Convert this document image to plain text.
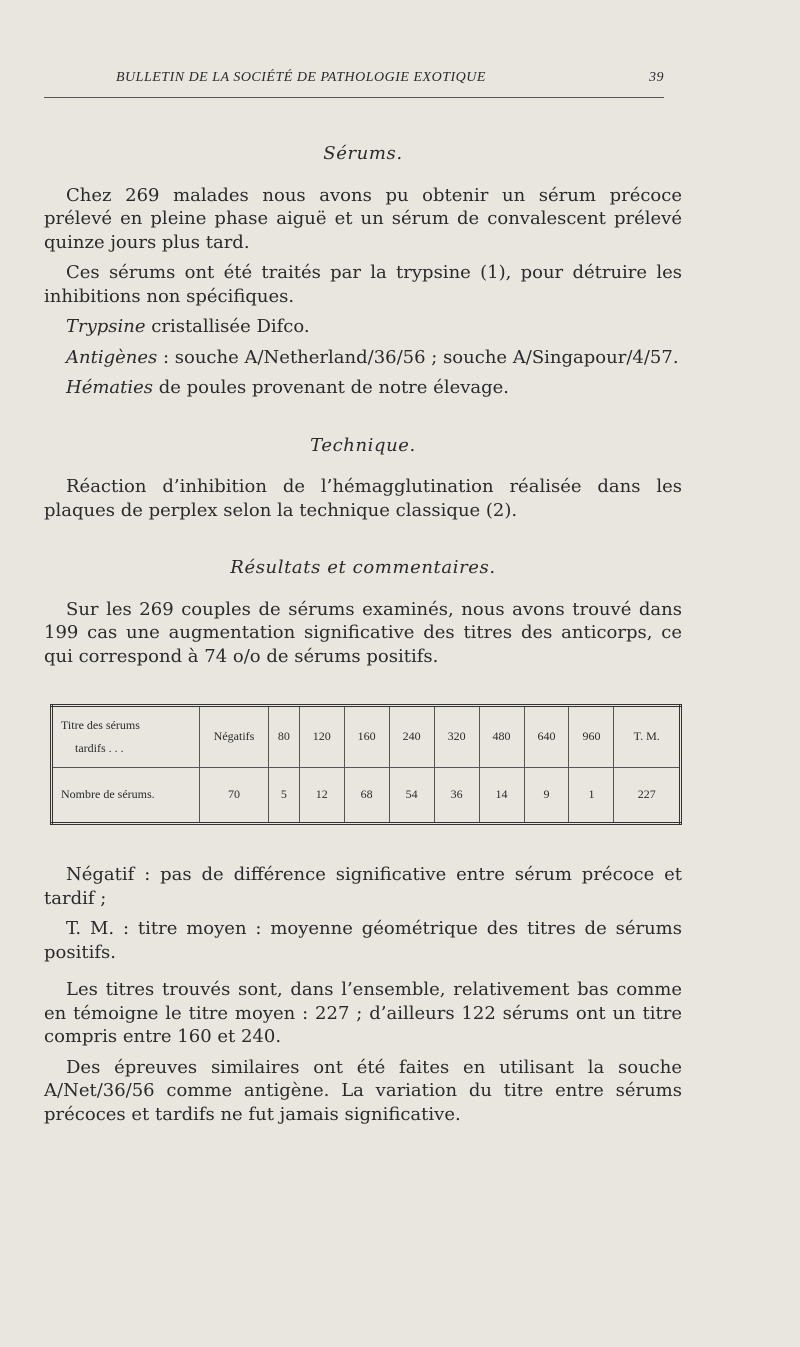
BULLETIN DE LA SOCIÉTÉ DE PATHOLOGIE EXOTIQUE	39
Sérums.

Chez 269 malades nous avons pu obtenir un sérum précoce prélevé en pleine phase aiguë et un sérum de convalescent prélevé quinze jours plus tard.

Ces sérums ont été traités par la trypsine (1), pour détruire les inhibitions non spécifiques.

Trypsine cristallisée Difco.

Antigènes : souche A/Netherland/36/56 ; souche A/Singapour/4/57.

Hématies de poules provenant de notre élevage.

Technique.

Réaction d’inhibition de l’hémagglutination réalisée dans les plaques de perplex selon la technique classique (2).

Résultats et commentaires.

Sur les 269 couples de sérums examinés, nous avons trouvé dans 199 cas une augmentation significative des titres des anticorps, ce qui correspond à 74 o/o de sérums positifs.

Titre des sérums
tardifs . . .	Négatifs	80	120	160	240	320	480	640	960	T. M.
Nombre de sérums.	70	5	12	68	54	36	14	9	1	227

Négatif : pas de différence significative entre sérum précoce et tardif ;

T. M. : titre moyen : moyenne géométrique des titres de sérums positifs.

Les titres trouvés sont, dans l’ensemble, relativement bas comme en témoigne le titre moyen : 227 ; d’ailleurs 122 sérums ont un titre compris entre 160 et 240.

Des épreuves similaires ont été faites en utilisant la souche A/Net/36/56 comme antigène. La variation du titre entre sérums précoces et tardifs ne fut jamais significative.
